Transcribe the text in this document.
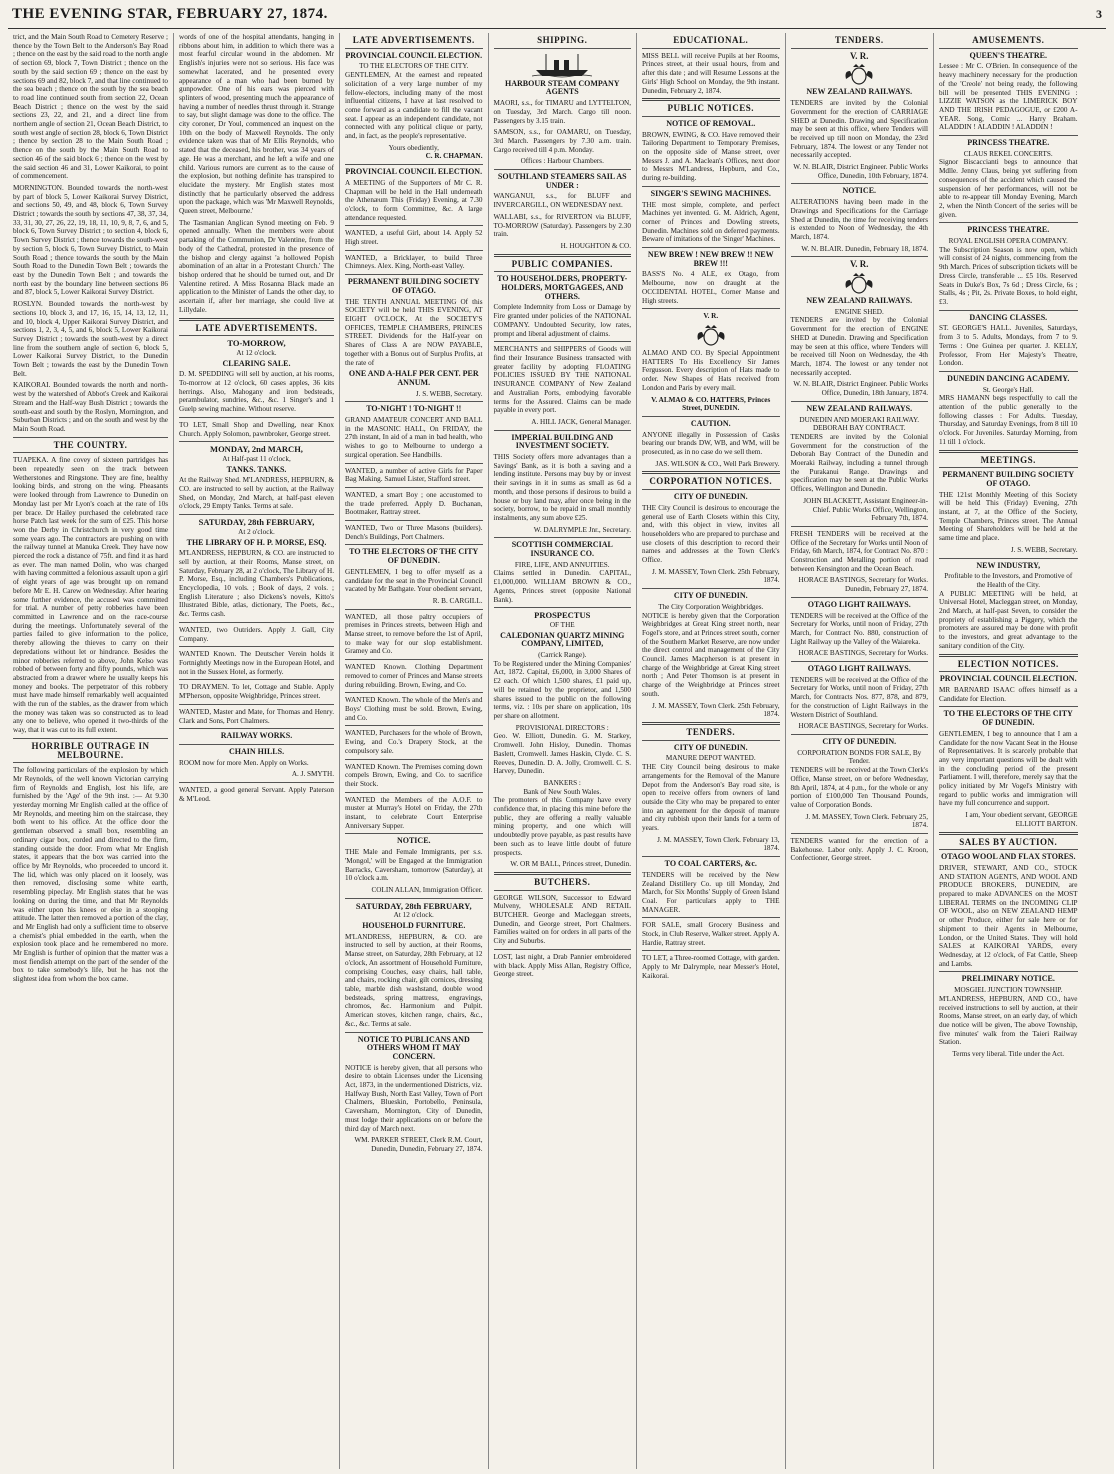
THE EVENING STAR, FEBRUARY 27, 1874.	3

trict, and the Main South Road to Cemetery Reserve ; thence by the Town Belt to the Anderson's Bay Road ; thence on the east by the said road to the north angle of section 69, block 7, Town District ; thence on the south by the said section 69 ; thence on the east by sections 69 and 82, block 7, and that line continued to the sea beach ; thence on the south by the sea beach to road line continued south from section 22, Ocean Beach District ; thence on the west by the said sections 23, 22, and 21, and a direct line from northern angle of section 21, Ocean Beach District, to south west angle of section 28, block 6, Town District ; thence by section 28 to the Main South Road ; thence on the south by the Main South Road to section 46 of the said block 6 ; thence on the west by the said section 46 and 31, Lower Kaikorai, to point of commencement.

MORNINGTON. Bounded towards the north-west by part of block 5, Lower Kaikorai Survey District, and sections 50, 49, and 48, block 6, Town Survey District ; towards the south by sections 47, 38, 37, 34, 33, 31, 30, 27, 26, 22, 19, 18, 11, 10, 9, 8, 7, 6, and 5, block 6, Town Survey District ; to section 4, block 6, Town Survey District ; thence towards the south-west by section 5, block 6, Town Survey District, to Main South Road ; thence towards the south by the Main South Road to the Dunedin Town Belt ; towards the east by the Dunedin Town Belt ; and towards the north east by the boundary line between sections 86 and 87, block 5, Lower Kaikorai Survey District.

ROSLYN. Bounded towards the north-west by sections 10, block 3, and 17, 16, 15, 14, 13, 12, 11, and 10, block 4, Upper Kaikorai Survey District, and sections 1, 2, 3, 4, 5, and 6, block 5, Lower Kaikorai Survey District ; towards the south-west by a direct line from the southern angle of section 6, block 5, Lower Kaikorai Survey District, to the Dunedin Town Belt ; towards the east by the Dunedin Town Belt.

KAIKORAI. Bounded towards the north and north-west by the watershed of Abbot's Creek and Kaikorai Stream and the Half-way Bush District ; towards the south-east and south by the Roslyn, Mornington, and Suburban Districts ; and on the south and west by the Main South Road.

THE COUNTRY.

TUAPEKA. A fine covey of sixteen partridges has been repeatedly seen on the track between Wetherstones and Ringstone. They are fine, healthy looking birds, and strong on the wing. Pheasants were looked through from Lawrence to Dunedin on Monday last per Mr Lyon's coach at the rate of 10s per brace. Dr Hailey purchased the celebrated race horse Patch last week for the sum of £25. This horse won the Derby in Christchurch in very good time some years ago. The contractors are pushing on with the railway tunnel at Manuka Creek. They have now pierced the rock a distance of 75ft. and find it as hard as ever. The man named Dolin, who was charged with having committed a felonious assault upon a girl of eight years of age was brought up on remand before Mr E. H. Carew on Wednesday. After hearing some further evidence, the accused was committed for trial. A number of petty robberies have been committed in Lawrence and on the race-course during the meetings. Unfortunately several of the parties failed to give information to the police, thereby allowing the thieves to carry on their depredations without let or hindrance. Besides the minor robberies referred to above, John Kelso was robbed of between forty and fifty pounds, which was abstracted from a drawer where he usually keeps his money and books. The perpetrator of this robbery must have made himself remarkably well acquainted with the run of the stables, as the drawer from which the money was taken was so constructed as to lead any one to believe, who opened it two-thirds of the way, that it was cut to its full extent.

HORRIBLE OUTRAGE IN MELBOURNE.

The following particulars of the explosion by which Mr Reynolds, of the well known Victorian carrying firm of Reynolds and English, lost his life, are furnished by the 'Age' of the 9th inst. :— At 9.30 yesterday morning Mr English called at the office of Mr Reynolds, and meeting him on the staircase, they both went to his office. At the office door the gentleman observed a small box, resembling an ordinary cigar box, corded and directed to the firm, standing outside the door. From what Mr English states, it appears that the box was carried into the office by Mr Reynolds, who proceeded to uncord it. The lid, which was only placed on it loosely, was then removed, disclosing some white earth, resembling pipeclay. Mr English states that he was looking on during the time, and that Mr Reynolds was either upon his knees or else in a stooping attitude. The latter then removed a portion of the clay, and Mr English had only a sufficient time to observe a chemist's phial embedded in the earth, when the explosion took place and he remembered no more. Mr English is further of opinion that the matter was a most fiendish attempt on the part of the sender of the box to take somebody's life, but he has not the slightest idea from whom the box came.

words of one of the hospital attendants, hanging in ribbons about him, in addition to which there was a most fearful circular wound in the abdomen. Mr English's injuries were not so serious. His face was somewhat lacerated, and he presented every appearance of a man who had been burned by gunpowder. One of his ears was pierced with splinters of wood, presenting much the appearance of having a number of needles thrust through it. Strange to say, but slight damage was done to the office. The city coroner, Dr Youl, commenced an inquest on the 10th on the body of Maxwell Reynolds. The only evidence taken was that of Mr Ellis Reynolds, who stated that the deceased, his brother, was 34 years of age. He was a merchant, and he left a wife and one child. Various rumors are current as to the cause of the explosion, but nothing definite has transpired to elucidate the mystery. Mr English states most distinctly that he particularly observed the address upon the package, which was 'Mr Maxwell Reynolds, Queen street, Melbourne.'

The Tasmanian Anglican Synod meeting on Feb. 9 opened annually. When the members were about partaking of the Communion, Dr Valentine, from the body of the Cathedral, protested in the presence of the bishop and clergy against 'a hollowed Popish abomination of an altar in a Protestant Church.' The bishop ordered that he should be turned out, and Dr Valentine retired. A Miss Rosanna Black made an application to the Minister of Lands the other day, to ascertain if, after her marriage, she could live at Lillydale.

LATE ADVERTISEMENTS.
TO-MORROW,
At 12 o'clock.
CLEARING SALE.

D. M. SPEDDING will sell by auction, at his rooms, To-morrow at 12 o'clock, 60 cases apples, 36 kits herrings. Also, Mahogany and iron bedsteads, perambulator, sundries, &c., &c. 1 Singer's and 1 Guelp sewing machine. Without reserve.

TO LET, Small Shop and Dwelling, near Knox Church. Apply Solomon, pawnbroker, George street.

MONDAY, 2nd MARCH,
At Half-past 11 o'clock,
TANKS. TANKS.

At the Railway Shed. M'LANDRESS, HEPBURN, & CO. are instructed to sell by auction, at the Railway Shed, on Monday, 2nd March, at half-past eleven o'clock, 29 Empty Tanks. Terms at sale.

SATURDAY, 28th FEBRUARY,
At 2 o'clock.
THE LIBRARY OF H. P. MORSE, ESQ.

M'LANDRESS, HEPBURN, & CO. are instructed to sell by auction, at their Rooms, Manse street, on Saturday, February 28, at 2 o'clock, The Library of H. P. Morse, Esq., including Chambers's Publications, Encyclopedia, 10 vols. ; Book of days, 2 vols. ; English Literature ; also Dickens's novels, Kitto's Illustrated Bible, atlas, dictionary, The Poets, &c., &c. Terms cash.

WANTED, two Outriders. Apply J. Gall, City Company.

WANTED Known. The Deutscher Verein holds it Fortnightly Meetings now in the European Hotel, and not in the Sussex Hotel, as formerly.

TO DRAYMEN. To let, Cottage and Stable. Apply M'Pherson, opposite Weighbridge, Princes street.

WANTED, Master and Mate, for Thomas and Henry. Clark and Sons, Port Chalmers.

RAILWAY WORKS.
CHAIN HILLS.

ROOM now for more Men. Apply on Works.

A. J. SMYTH.

WANTED, a good general Servant. Apply Paterson & M'Leod.

LATE ADVERTISEMENTS.
PROVINCIAL COUNCIL ELECTION.
TO THE ELECTORS OF THE CITY.

GENTLEMEN, At the earnest and repeated solicitation of a very large number of my fellow-electors, including many of the most influential citizens, I have at last resolved to come forward as a candidate to fill the vacant seat. I appear as an independent candidate, not connected with any political clique or party, and, in fact, as the people's representative.

Yours obediently,
C. R. CHAPMAN.
PROVINCIAL COUNCIL ELECTION.

A MEETING of the Supporters of Mr C. R. Chapman will be held in the Hall underneath the Athenæum This (Friday) Evening, at 7.30 o'clock, to form Committee, &c. A large attendance requested.

WANTED, a useful Girl, about 14. Apply 52 High street.

WANTED, a Bricklayer, to build Three Chimneys. Alex. King, North-east Valley.

PERMANENT BUILDING SOCIETY OF OTAGO.

THE TENTH ANNUAL MEETING Of this SOCIETY will be held THIS EVENING, AT EIGHT O'CLOCK, At the SOCIETY'S OFFICES, TEMPLE CHAMBERS, PRINCES STREET. Dividends for the Half-year on Shares of Class A are NOW PAYABLE, together with a Bonus out of Surplus Profits, at the rate of

ONE AND A-HALF PER CENT. PER ANNUM.
J. S. WEBB, Secretary.
TO-NIGHT ! TO-NIGHT !!

GRAND AMATEUR CONCERT AND BALL in the MASONIC HALL, On FRIDAY, the 27th instant, In aid of a man in bad health, who wishes to go to Melbourne to undergo a surgical operation. See Handbills.

WANTED, a number of active Girls for Paper Bag Making. Samuel Lister, Stafford street.

WANTED, a smart Boy ; one accustomed to the trade preferred. Apply D. Buchanan, Bootmaker, Rattray street.

WANTED, Two or Three Masons (builders). Dench's Buildings, Port Chalmers.

TO THE ELECTORS OF THE CITY OF DUNEDIN.

GENTLEMEN, I beg to offer myself as a candidate for the seat in the Provincial Council vacated by Mr Bathgate. Your obedient servant,

R. B. CARGILL.

WANTED, all those paltry occupiers of premises in Princes streets, between High and Manse street, to remove before the 1st of April, to make way for our slop establishment. Gramey and Co.

WANTED Known. Clothing Department removed to corner of Princes and Manse streets during rebuilding. Brown, Ewing, and Co.

WANTED Known. The whole of the Men's and Boys' Clothing must be sold. Brown, Ewing, and Co.

WANTED, Purchasers for the whole of Brown, Ewing, and Co.'s Drapery Stock, at the compulsory sale.

WANTED Known. The Premises coming down compels Brown, Ewing, and Co. to sacrifice their Stock.

WANTED the Members of the A.O.F. to muster at Murray's Hotel on Friday, the 27th instant, to celebrate Court Enterprise Anniversary Supper.

NOTICE.

THE Male and Female Immigrants, per s.s. 'Mongol,' will be Engaged at the Immigration Barracks, Caversham, tomorrow (Saturday), at 10 o'clock a.m.

COLIN ALLAN, Immigration Officer.
SATURDAY, 28th FEBRUARY,
At 12 o'clock.
HOUSEHOLD FURNITURE.

M'LANDRESS, HEPBURN, & CO. are instructed to sell by auction, at their Rooms, Manse street, on Saturday, 28th February, at 12 o'clock, An assortment of Household Furniture, comprising Couches, easy chairs, hall table, and chairs, rocking chair, gilt cornices, dressing table, marble dish washstand, double wood bedsteads, spring mattress, engravings, chromos, &c. Harmonium and Pulpit. American stoves, kitchen range, chairs, &c., &c., &c. Terms at sale.

NOTICE TO PUBLICANS AND OTHERS WHOM IT MAY CONCERN.

NOTICE is hereby given, that all persons who desire to obtain Licenses under the Licensing Act, 1873, in the undermentioned Districts, viz. Halfway Bush, North East Valley, Town of Port Chalmers, Blueskin, Portobello, Peninsula, Caversham, Mornington, City of Dunedin, must lodge their applications on or before the third day of March next.

WM. PARKER STREET, Clerk R.M. Court, Dunedin, Dunedin, February 27, 1874.
SHIPPING.
HARBOUR STEAM COMPANY AGENTS

MAORI, s.s., for TIMARU and LYTTELTON, on Tuesday, 3rd March. Cargo till noon. Passengers by 3.15 train.

SAMSON, s.s., for OAMARU, on Tuesday, 3rd March. Passengers by 7.30 a.m. train. Cargo received till 4 p.m. Monday.

Offices : Harbour Chambers.
SOUTHLAND STEAMERS SAIL AS UNDER :

WANGANUI, s.s., for BLUFF and INVERCARGILL, ON WEDNESDAY next.

WALLABI, s.s., for RIVERTON via BLUFF, TO-MORROW (Saturday). Passengers by 2.30 train.

H. HOUGHTON & CO.
PUBLIC COMPANIES.
TO HOUSEHOLDERS, PROPERTY-HOLDERS, MORTGAGEES, AND OTHERS.

Complete Indemnity from Loss or Damage by Fire granted under policies of the NATIONAL COMPANY. Undoubted Security, low rates, prompt and liberal adjustment of claims.

MERCHANTS and SHIPPERS of Goods will find their Insurance Business transacted with greater facility by adopting FLOATING POLICIES ISSUED BY THE NATIONAL INSURANCE COMPANY of New Zealand and Australian Ports, embodying favorable terms for the Assured. Claims can be made payable in every port.

A. HILL JACK, General Manager.
IMPERIAL BUILDING AND INVESTMENT SOCIETY.

THIS Society offers more advantages than a Savings' Bank, as it is both a saving and a lending institute. Persons may buy by or invest their savings in it in sums as small as 6d a month, and those persons if desirous to build a house or buy land may, after once being in the society, borrow, to be repaid in small monthly instalments, any sum above £25.

W. DALRYMPLE Jnr., Secretary.
SCOTTISH COMMERCIAL INSURANCE CO.
FIRE, LIFE, AND ANNUITIES.

Claims settled in Dunedin. CAPITAL, £1,000,000. WILLIAM BROWN & CO., Agents, Princes street (opposite National Bank).

PROSPECTUS
OF THE
CALEDONIAN QUARTZ MINING COMPANY, LIMITED,
(Carrick Range).

To be Registered under the Mining Companies' Act, 1872. Capital, £6,000, in 3,000 Shares of £2 each. Of which 1,500 shares, £1 paid up, will be retained by the proprietor, and 1,500 shares issued to the public on the following terms, viz. : 10s per share on application, 10s per share on allotment.

PROVISIONAL DIRECTORS :

Geo. W. Elliott, Dunedin. G. M. Starkey, Cromwell. John Hisloy, Dunedin. Thomas Baslett, Cromwell. James Haskin, Clyde. C. S. Reeves, Dunedin. D. A. Jolly, Cromwell. C. S. Harvey, Dunedin.

BANKERS :
Bank of New South Wales.

The promoters of this Company have every confidence that, in placing this mine before the public, they are offering a really valuable mining property, and one which will undoubtedly prove payable, as past results have been such as to leave little doubt of future prospects.

W. OR M BALL, Princes street, Dunedin.
BUTCHERS.

GEORGE WILSON, Successor to Edward Mulveny, WHOLESALE AND RETAIL BUTCHER. George and Macleggan streets, Dunedin, and George street, Port Chalmers. Families waited on for orders in all parts of the City and Suburbs.

LOST, last night, a Drab Pannier embroidered with black. Apply Miss Allan, Registry Office, George street.

EDUCATIONAL.

MISS BELL will receive Pupils at her Rooms, Princes street, at their usual hours, from and after this date ; and will Resume Lessons at the Girls' High School on Monday, the 9th instant. Dunedin, February 2, 1874.

PUBLIC NOTICES.
NOTICE OF REMOVAL.

BROWN, EWING, & CO. Have removed their Tailoring Department to Temporary Premises, on the opposite side of Manse street, over Messrs J. and A. Maclean's Offices, next door to Messrs M'Landress, Hepburn, and Co., during re-building.

SINGER'S SEWING MACHINES.

THE most simple, complete, and perfect Machines yet invented. G. M. Aldrich, Agent, corner of Princes and Dowling streets, Dunedin. Machines sold on deferred payments. Beware of imitations of the 'Singer' Machines.

NEW BREW ! NEW BREW !! NEW BREW !!!

BASS'S No. 4 ALE, ex Otago, from Melbourne, now on draught at the OCCIDENTAL HOTEL, Corner Manse and High streets.

V. R.

ALMAO AND CO. By Special Appointment HATTERS To His Excellency Sir James Fergusson. Every description of Hats made to order. New Shapes of Hats received from London and Paris by every mail.

V. ALMAO & CO. HATTERS, Princes Street, DUNEDIN.
CAUTION.

ANYONE illegally in Possession of Casks bearing our brands DW, WB, and WM, will be prosecuted, as in no case do we sell them.

JAS. WILSON & CO., Well Park Brewery.
CORPORATION NOTICES.
CITY OF DUNEDIN.

THE City Council is desirous to encourage the general use of Earth Closets within this City, and, with this object in view, invites all householders who are prepared to purchase and use closets of this description to record their names and addresses at the Town Clerk's Office.

J. M. MASSEY, Town Clerk. 25th February, 1874.
CITY OF DUNEDIN.
The City Corporation Weighbridges.

NOTICE is hereby given that the Corporation Weighbridges at Great King street north, near Fogel's store, and at Princes street south, corner of the Southern Market Reserve, are now under the direct control and management of the City Council. James Macpherson is at present in charge of the Weighbridge at Great King street north ; And Peter Thomson is at present in charge of the Weighbridge at Princes street south.

J. M. MASSEY, Town Clerk. 25th February, 1874.
TENDERS.
CITY OF DUNEDIN.
MANURE DEPOT WANTED.

THE City Council being desirous to make arrangements for the Removal of the Manure Depot from the Anderson's Bay road site, is open to receive offers from owners of land outside the City who may be prepared to enter into an agreement for the deposit of manure and city rubbish upon their lands for a term of years.

J. M. MASSEY, Town Clerk. February 13, 1874.
TO COAL CARTERS, &c.

TENDERS will be received by the New Zealand Distillery Co. up till Monday, 2nd March, for Six Months' Supply of Green Island Coal. For particulars apply to THE MANAGER.

FOR SALE, small Grocery Business and Stock, in Club Reserve, Walker street. Apply A. Hardie, Rattray street.

TO LET, a Three-roomed Cottage, with garden. Apply to Mr Dalrymple, near Messer's Hotel, Kaikorai.

TENDERS.
V. R.
NEW ZEALAND RAILWAYS.

TENDERS are invited by the Colonial Government for the erection of CARRIAGE SHED at Dunedin. Drawing and Specification may be seen at this office, where Tenders will be received up till noon on Monday, the 23rd February, 1874. The lowest or any Tender not necessarily accepted.

W. N. BLAIR, District Engineer. Public Works Office, Dunedin, 10th February, 1874.
NOTICE.

ALTERATIONS having been made in the Drawings and Specifications for the Carriage Shed at Dunedin, the time for receiving tenders is extended to Noon of Wednesday, the 4th March, 1874.

W. N. BLAIR. Dunedin, February 18, 1874.
V. R.
NEW ZEALAND RAILWAYS.
ENGINE SHED.

TENDERS are invited by the Colonial Government for the erection of ENGINE SHED at Dunedin. Drawing and Specification may be seen at this office, where Tenders will be received till Noon on Wednesday, the 4th March, 1874. The lowest or any tender not necessarily accepted.

W. N. BLAIR, District Engineer. Public Works Office, Dunedin, 18th January, 1874.
NEW ZEALAND RAILWAYS.
DUNEDIN AND MOERAKI RAILWAY.
DEBORAH BAY CONTRACT.

TENDERS are invited by the Colonial Government for the construction of the Deborah Bay Contract of the Dunedin and Moeraki Railway, including a tunnel through the Purakanui Range. Drawings and specification may be seen at the Public Works Offices, Wellington and Dunedin.

JOHN BLACKETT, Assistant Engineer-in-Chief. Public Works Office, Wellington, February 7th, 1874.

FRESH TENDERS will be received at the Office of the Secretary for Works until Noon of Friday, 6th March, 1874, for Contract No. 870 : Construction and Metalling portion of road between Kensington and the Ocean Beach.

HORACE BASTINGS, Secretary for Works. Dunedin, February 27, 1874.
OTAGO LIGHT RAILWAYS.

TENDERS will be received at the Office of the Secretary for Works, until noon of Friday, 27th March, for Contract No. 880, construction of Light Railway up the Valley of the Waiareka.

HORACE BASTINGS, Secretary for Works.
OTAGO LIGHT RAILWAYS.

TENDERS will be received at the Office of the Secretary for Works, until noon of Friday, 27th March, for Contracts Nos. 877, 878, and 879, for the construction of Light Railways in the Western District of Southland.

HORACE BASTINGS, Secretary for Works.
CITY OF DUNEDIN.
CORPORATION BONDS FOR SALE, By Tender.

TENDERS will be received at the Town Clerk's Office, Manse street, on or before Wednesday, 8th April, 1874, at 4 p.m., for the whole or any portion of £100,000 Ten Thousand Pounds, value of Corporation Bonds.

J. M. MASSEY, Town Clerk. February 25, 1874.

TENDERS wanted for the erection of a Bakehouse. Labor only. Apply J. C. Kroon, Confectioner, George street.

AMUSEMENTS.
QUEEN'S THEATRE.

Lessee : Mr C. O'Brien. In consequence of the heavy machinery necessary for the production of the 'Creole' not being ready, the following bill will be presented THIS EVENING : LIZZIE WATSON as the LIMERICK BOY AND THE IRISH PEDAGOGUE, or £200 A-YEAR. Song, Comic ... Harry Braham. ALADDIN ! ALADDIN ! ALADDIN !

PRINCESS THEATRE.
CLAUS REKEL CONCERTS.

Signor Biscaccianti begs to announce that Mdlle. Jenny Claus, being yet suffering from consequences of the accident which caused the suspension of her performances, will not be able to re-appear till Monday Evening, March 2, when the Ninth Concert of the series will be given.

PRINCESS THEATRE.
ROYAL ENGLISH OPERA COMPANY.

The Subscription Season is now open, which will consist of 24 nights, commencing from the 9th March. Prices of subscription tickets will be Dress Circle, transferable ... £5 10s. Reserved Seats in Duke's Box, 7s 6d ; Dress Circle, 6s ; Stalls, 4s ; Pit, 2s. Private Boxes, to hold eight, £3.

DANCING CLASSES.

ST. GEORGE'S HALL. Juveniles, Saturdays, from 3 to 5. Adults, Mondays, from 7 to 9. Terms : One Guinea per quarter. J. KELLY, Professor, From Her Majesty's Theatre, London.

DUNEDIN DANCING ACADEMY.
St. George's Hall.

MRS HAMANN begs respectfully to call the attention of the public generally to the following classes : For Adults. Tuesday, Thursday, and Saturday Evenings, from 8 till 10 o'clock. For Juveniles. Saturday Morning, from 11 till 1 o'clock.

MEETINGS.
PERMANENT BUILDING SOCIETY OF OTAGO.

THE 121st Monthly Meeting of this Society will be held This (Friday) Evening, 27th instant, at 7, at the Office of the Society, Temple Chambers, Princes street. The Annual Meeting of Shareholders will be held at the same time and place.

J. S. WEBB, Secretary.
NEW INDUSTRY,
Profitable to the Investors, and Promotive of the Health of the City.

A PUBLIC MEETING will be held, at Universal Hotel, Macleggan street, on Monday, 2nd March, at half-past Seven, to consider the propriety of establishing a Piggery, which the promoters are assured may be done with profit to the investors, and great advantage to the sanitary condition of the City.

ELECTION NOTICES.
PROVINCIAL COUNCIL ELECTION.

MR BARNARD ISAAC offers himself as a Candidate for Election.

TO THE ELECTORS OF THE CITY OF DUNEDIN.

GENTLEMEN, I beg to announce that I am a Candidate for the now Vacant Seat in the House of Representatives. It is scarcely probable that any very important questions will be dealt with in the concluding period of the present Parliament. I will, therefore, merely say that the policy initiated by Mr Vogel's Ministry with regard to public works and immigration will have my full concurrence and support.

I am, Your obedient servant, GEORGE ELLIOTT BARTON.
SALES BY AUCTION.
OTAGO WOOL AND FLAX STORES.

DRIVER, STEWART, AND CO., STOCK AND STATION AGENTS, AND WOOL AND PRODUCE BROKERS, DUNEDIN, are prepared to make ADVANCES on the MOST LIBERAL TERMS on the INCOMING CLIP OF WOOL, also on NEW ZEALAND HEMP or other Produce, either for sale here or for shipment to their Agents in Melbourne, London, or the United States. They will hold SALES at KAIKORAI YARDS, every Wednesday, at 12 o'clock, of Fat Cattle, Sheep and Lambs.

PRELIMINARY NOTICE.
MOSGIEL JUNCTION TOWNSHIP.

M'LANDRESS, HEPBURN, AND CO., have received instructions to sell by auction, at their Rooms, Manse street, on an early day, of which due notice will be given, The above Township, five minutes' walk from the Taieri Railway Station.

Terms very liberal. Title under the Act.
